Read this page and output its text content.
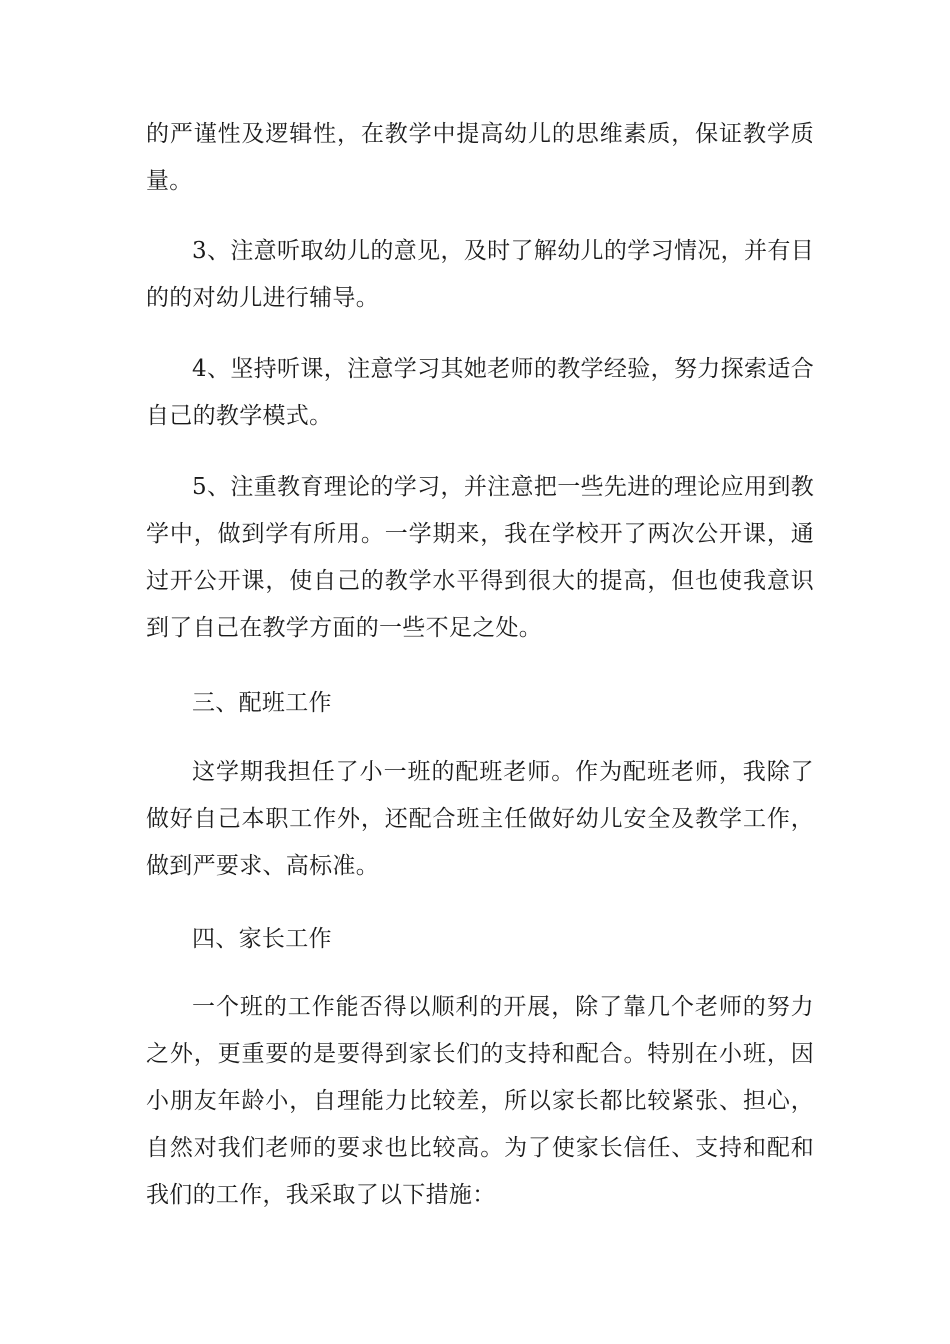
的严谨性及逻辑性，在教学中提高幼儿的思维素质，保证教学质量。

3、注意听取幼儿的意见，及时了解幼儿的学习情况，并有目的的对幼儿进行辅导。

4、坚持听课，注意学习其她老师的教学经验，努力探索适合自己的教学模式。

5、注重教育理论的学习，并注意把一些先进的理论应用到教学中，做到学有所用。一学期来，我在学校开了两次公开课，通过开公开课，使自己的教学水平得到很大的提高，但也使我意识到了自己在教学方面的一些不足之处。

三、配班工作

这学期我担任了小一班的配班老师。作为配班老师，我除了做好自己本职工作外，还配合班主任做好幼儿安全及教学工作，做到严要求、高标准。

四、家长工作

一个班的工作能否得以顺利的开展，除了靠几个老师的努力之外，更重要的是要得到家长们的支持和配合。特别在小班，因小朋友年龄小，自理能力比较差，所以家长都比较紧张、担心，自然对我们老师的要求也比较高。为了使家长信任、支持和配和我们的工作，我采取了以下措施：
